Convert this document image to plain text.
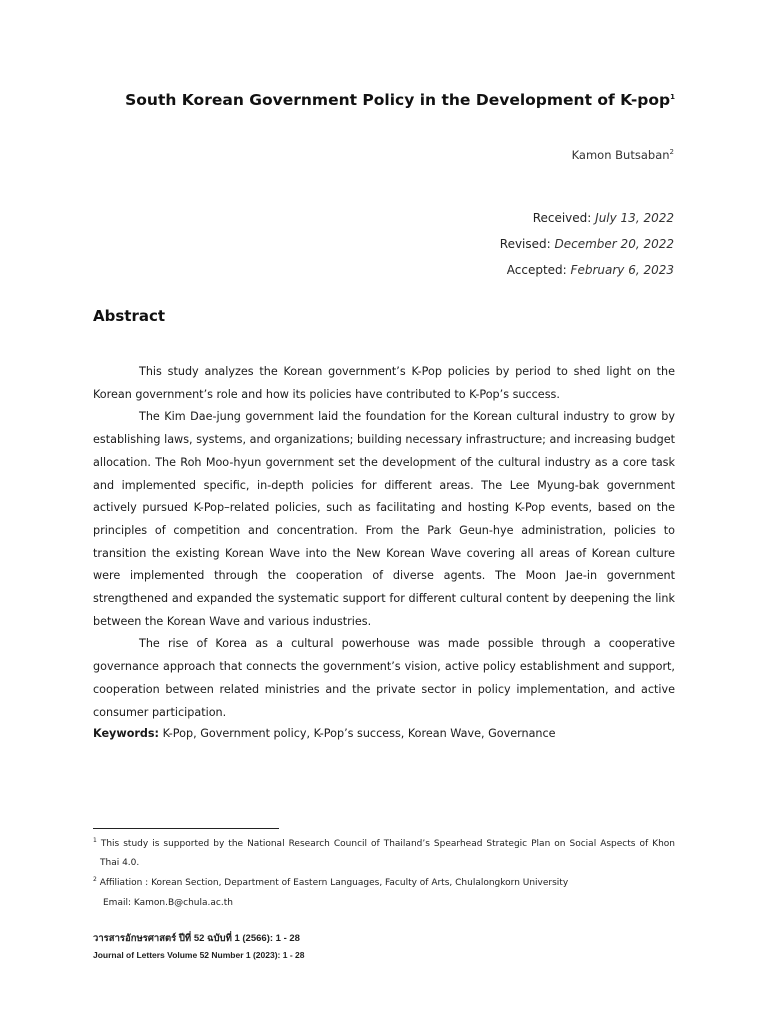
South Korean Government Policy in the Development of K-pop$^1$
Kamon Butsaban$^2$
Received: July 13, 2022
Revised: December 20, 2022
Accepted: February 6, 2023
Abstract

This study analyzes the Korean government’s K-Pop policies by period to shed light on the Korean government’s role and how its policies have contributed to K-Pop’s success.

The Kim Dae-jung government laid the foundation for the Korean cultural industry to grow by establishing laws, systems, and organizations; building necessary infrastructure; and increasing budget allocation. The Roh Moo-hyun government set the development of the cultural industry as a core task and implemented specific, in-depth policies for different areas. The Lee Myung-bak government actively pursued K-Pop–related policies, such as facilitating and hosting K-Pop events, based on the principles of competition and concentration. From the Park Geun-hye administration, policies to transition the existing Korean Wave into the New Korean Wave covering all areas of Korean culture were implemented through the cooperation of diverse agents. The Moon Jae-in government strengthened and expanded the systematic support for different cultural content by deepening the link between the Korean Wave and various industries.

The rise of Korea as a cultural powerhouse was made possible through a cooperative governance approach that connects the government’s vision, active policy establishment and support, cooperation between related ministries and the private sector in policy implementation, and active consumer participation.

Keywords: K-Pop, Government policy, K-Pop’s success, Korean Wave, Governance
$^1$ This study is supported by the National Research Council of Thailand’s Spearhead Strategic Plan on Social Aspects of Khon Thai 4.0.
$^2$ Affiliation : Korean Section, Department of Eastern Languages, Faculty of Arts, Chulalongkorn University
Email: Kamon.B@chula.ac.th
วารสารอักษรศาสตร์ ปีที่ 52 ฉบับที่ 1 (2566): 1 - 28
Journal of Letters Volume 52 Number 1 (2023): 1 - 28
